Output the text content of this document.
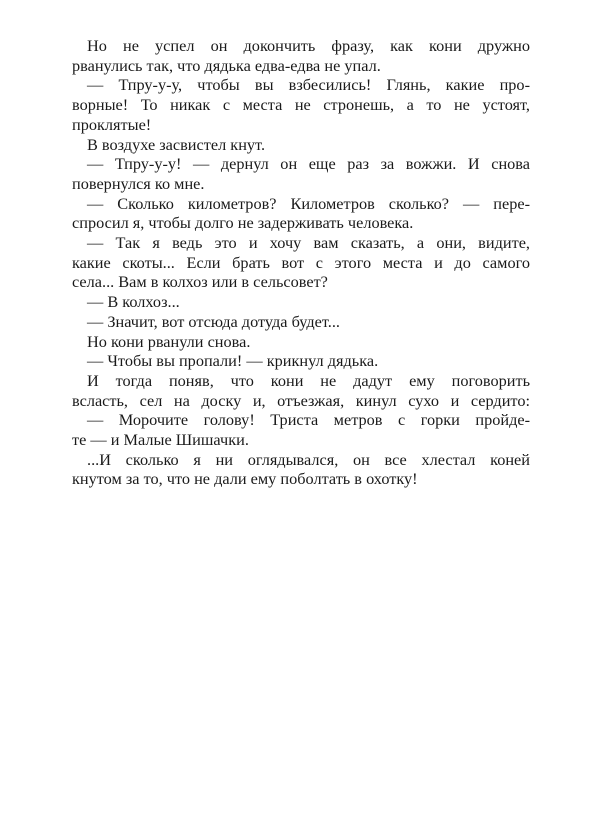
Но не успел он докончить фразу, как кони дружно
рванулись так, что дядька едва-едва не упал.
— Тпру-у-у, чтобы вы взбесились! Глянь, какие про-
ворные! То никак с места не стронешь, а то не устоят,
проклятые!
В воздухе засвистел кнут.
— Тпру-у-у! — дернул он еще раз за вожжи. И снова
повернулся ко мне.
— Сколько километров? Километров сколько? — пере-
спросил я, чтобы долго не задерживать человека.
— Так я ведь это и хочу вам сказать, а они, видите,
какие скоты... Если брать вот с этого места и до самого
села... Вам в колхоз или в сельсовет?
— В колхоз...
— Значит, вот отсюда дотуда будет...
Но кони рванули снова.
— Чтобы вы пропали! — крикнул дядька.
И тогда поняв, что кони не дадут ему поговорить
всласть, сел на доску и, отъезжая, кинул сухо и сердито:
— Морочите голову! Триста метров с горки пройде-
те — и Малые Шишачки.
...И сколько я ни оглядывался, он все хлестал коней
кнутом за то, что не дали ему поболтать в охотку!
